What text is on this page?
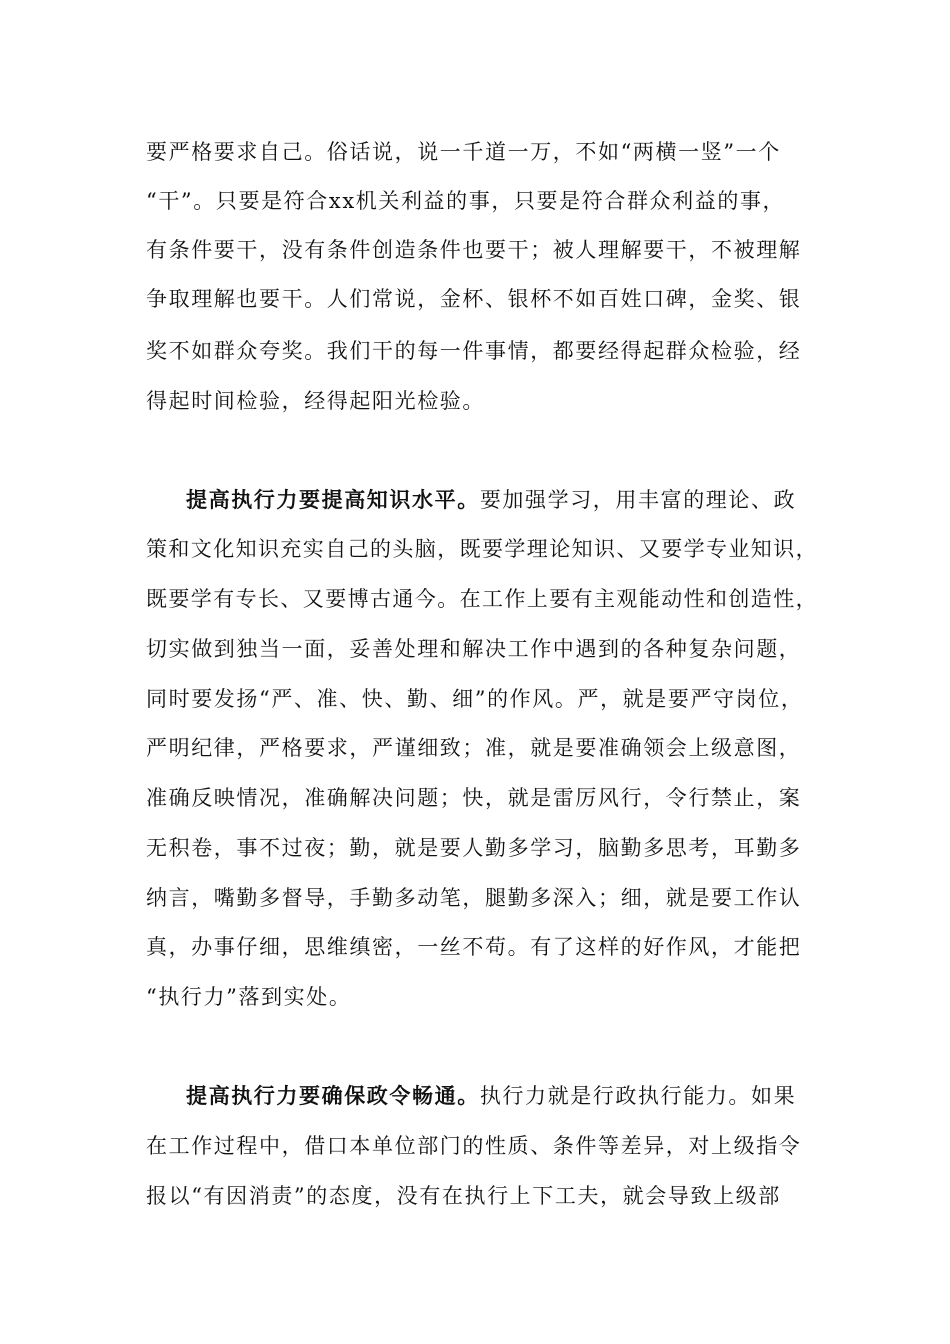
要严格要求自己。俗话说，说一千道一万，不如“两横一竖”一个
“干”。只要是符合xx机关利益的事，只要是符合群众利益的事，
有条件要干，没有条件创造条件也要干；被人理解要干，不被理解
争取理解也要干。人们常说，金杯、银杯不如百姓口碑，金奖、银
奖不如群众夸奖。我们干的每一件事情，都要经得起群众检验，经
得起时间检验，经得起阳光检验。
提高执行力要提高知识水平。要加强学习，用丰富的理论、政
策和文化知识充实自己的头脑，既要学理论知识、又要学专业知识，
既要学有专长、又要博古通今。在工作上要有主观能动性和创造性，
切实做到独当一面，妥善处理和解决工作中遇到的各种复杂问题，
同时要发扬“严、准、快、勤、细”的作风。严，就是要严守岗位，
严明纪律，严格要求，严谨细致；准，就是要准确领会上级意图，
准确反映情况，准确解决问题；快，就是雷厉风行，令行禁止，案
无积卷，事不过夜；勤，就是要人勤多学习，脑勤多思考，耳勤多
纳言，嘴勤多督导，手勤多动笔，腿勤多深入；细，就是要工作认
真，办事仔细，思维缜密，一丝不苟。有了这样的好作风，才能把
“执行力”落到实处。
提高执行力要确保政令畅通。执行力就是行政执行能力。如果
在工作过程中，借口本单位部门的性质、条件等差异，对上级指令
报以“有因消责”的态度，没有在执行上下工夫，就会导致上级部
